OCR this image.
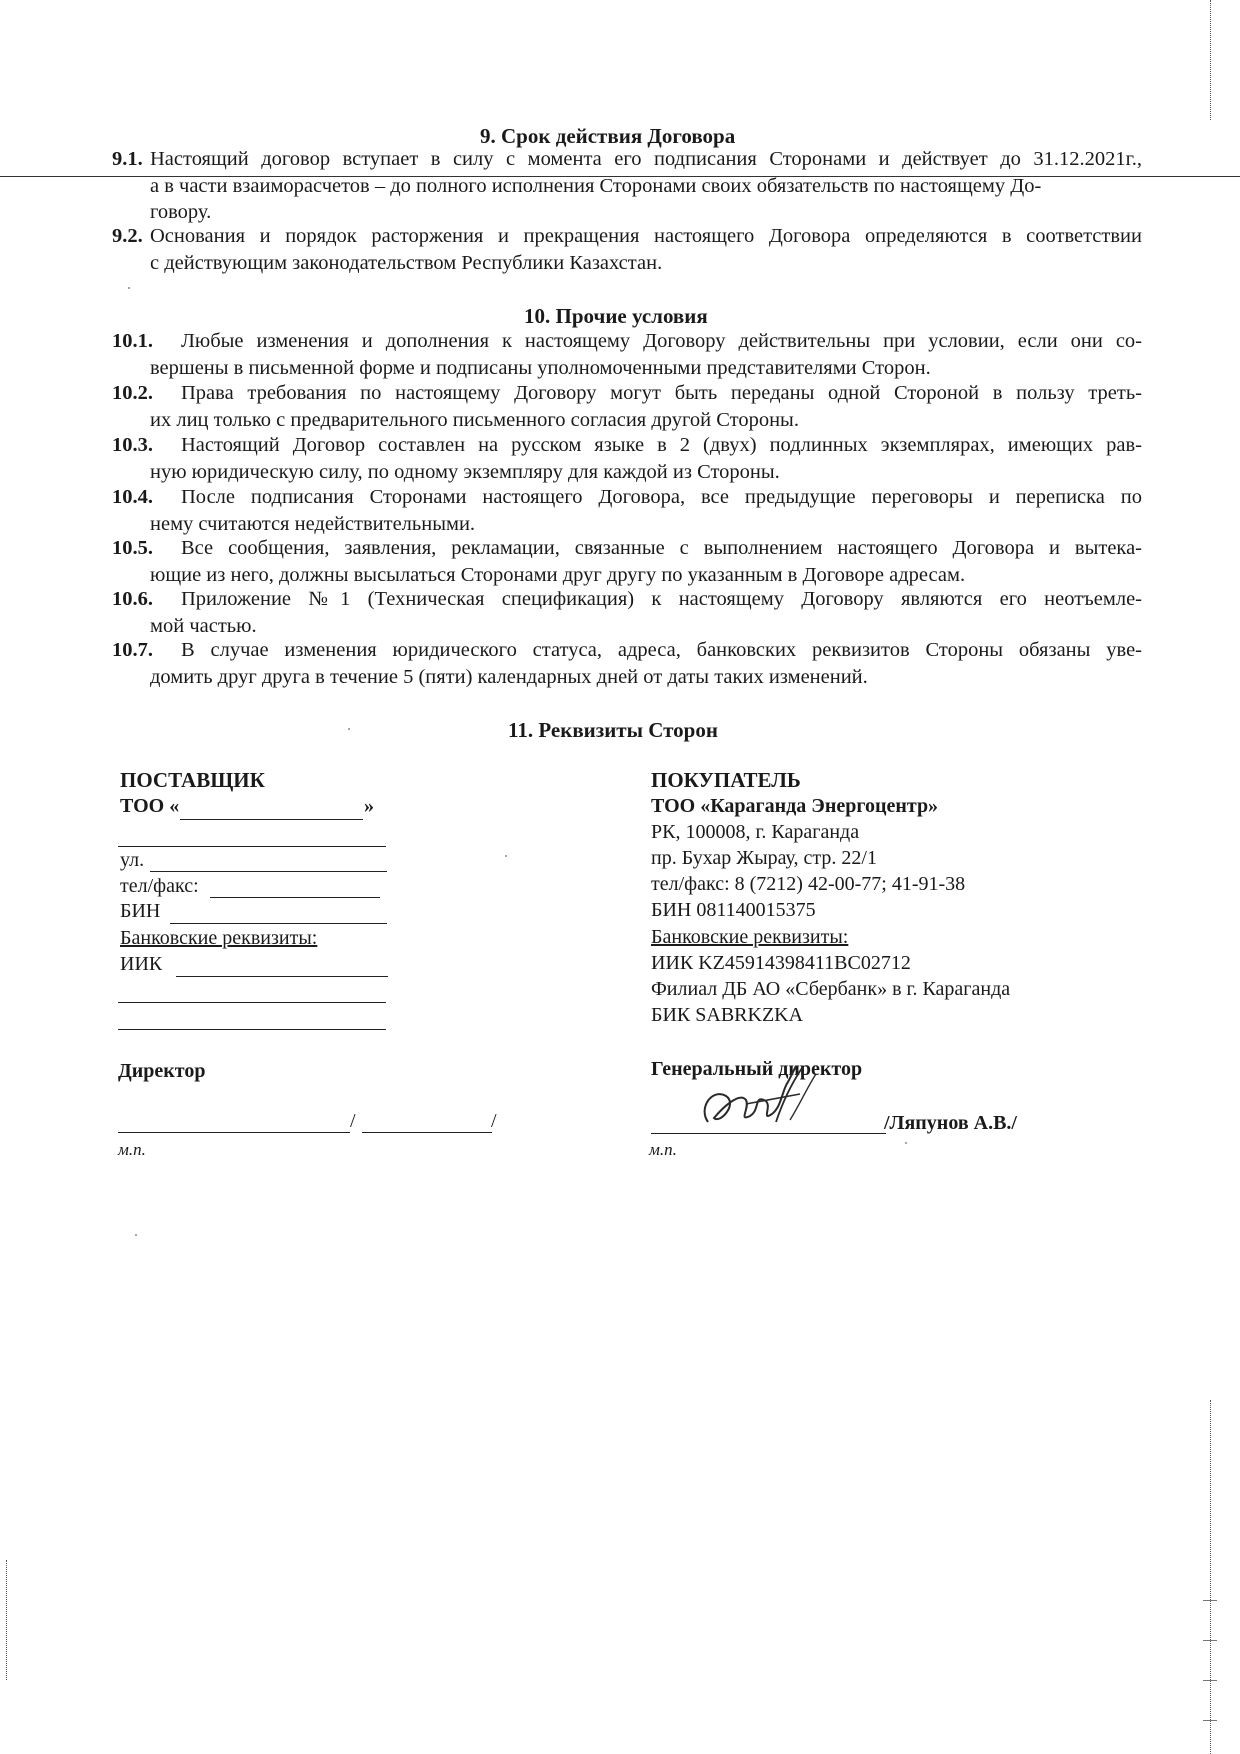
9. Срок действия Договора
9.1. Настоящий договор вступает в силу с момента его подписания Сторонами и действует до 31.12.2021г.,
а в части взаиморасчетов – до полного исполнения Сторонами своих обязательств по настоящему До-
говору.
9.2. Основания и порядок расторжения и прекращения настоящего Договора определяются в соответствии
с действующим законодательством Республики Казахстан.
10. Прочие условия
10.1. Любые изменения и дополнения к настоящему Договору действительны при условии, если они со-
вершены в письменной форме и подписаны уполномоченными представителями Сторон.
10.2. Права требования по настоящему Договору могут быть переданы одной Стороной в пользу треть-
их лиц только с предварительного письменного согласия другой Стороны.
10.3. Настоящий Договор составлен на русском языке в 2 (двух) подлинных экземплярах, имеющих рав-
ную юридическую силу, по одному экземпляру для каждой из Стороны.
10.4. После подписания Сторонами настоящего Договора, все предыдущие переговоры и переписка по
нему считаются недействительными.
10.5. Все сообщения, заявления, рекламации, связанные с выполнением настоящего Договора и вытека-
ющие из него, должны высылаться Сторонами друг другу по указанным в Договоре адресам.
10.6. Приложение №1 (Техническая спецификация) к настоящему Договору являются его неотъемле-
мой частью.
10.7. В случае изменения юридического статуса, адреса, банковских реквизитов Стороны обязаны уве-
домить друг друга в течение 5 (пяти) календарных дней от даты таких изменений.
11. Реквизиты Сторон
ПОСТАВЩИК
ТОО «	»
ул.
тел/факс:
БИН
Банковские реквизиты:
ИИК
Директор
/	/
м.п.
ПОКУПАТЕЛЬ
ТОО «Караганда Энергоцентр»
РК, 100008, г. Караганда
пр. Бухар Жырау, стр. 22/1
тел/факс: 8 (7212) 42-00-77; 41-91-38
БИН 081140015375
Банковские реквизиты:
ИИК KZ45914398411BC02712
Филиал ДБ АО «Сбербанк» в г. Караганда
БИК SABRKZKA
Генеральный директор
/Ляпунов А.В./
м.п.
